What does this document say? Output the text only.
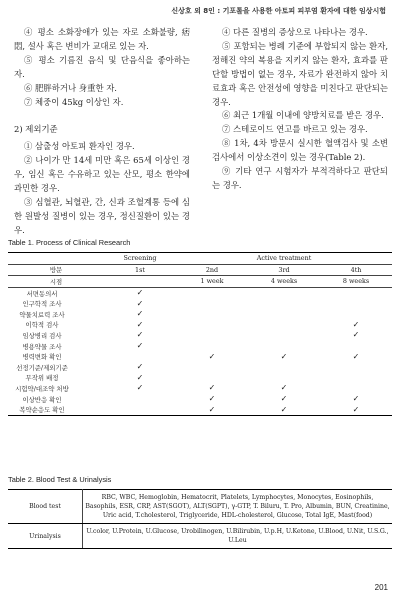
신상호 외 8인 : 기포톨을 사용한 아토피 피부염 환자에 대한 임상시험

④ 평소 소화장애가 있는 자로 소화불량, 痞悶, 설사 혹은 변비가 교대로 있는 자.

⑤ 평소 기름진 음식 및 단음식을 좋아하는 자.

⑥ 肥胖하거나 身重한 자.

⑦ 체중이 45kg 이상인 자.

2) 제외기준

① 삼출성 아토피 환자인 경우.

② 나이가 만 14세 미만 혹은 65세 이상인 경우, 임신 혹은 수유하고 있는 산모, 평소 한약에 과민한 경우.

③ 심혈관, 뇌혈관, 간, 신과 조혈계통 등에 심한 원발성 질병이 있는 경우, 정신질환이 있는 경우.

④ 다른 질병의 증상으로 나타나는 경우.

⑤ 포함되는 병례 기준에 부합되지 않는 환자, 정해진 약의 복용을 지키지 않는 환자, 효과를 판단할 방법이 없는 경우, 자료가 완전하지 않아 치료효과 혹은 안전성에 영향을 미친다고 판단되는 경우.

⑥ 최근 1개월 이내에 양방치료를 받은 경우.

⑦ 스테로이드 연고를 바르고 있는 경우.

⑧ 1차, 4차 방문시 실시한 혈액검사 및 소변검사에서 이상소견이 있는 경우(Table 2).

⑨ 기타 연구 시험자가 부적격하다고 판단되는 경우.

Table 1. Process of Clinical Research
	Screening	Active treatment		
방문	1st	2nd	3rd	4th
시점		1 week	4 weeks	8 weeks
서면동의서	✓			
인구학적 조사	✓			
약물치료력 조사	✓			
이학적 검사	✓			✓
임상병리 검사	✓			✓
병용약물 조사	✓			
병력변화 확인		✓	✓	✓
선정기준/제외기준	✓			
무작위 배정	✓			
시험약/대조약 처방	✓	✓	✓	
이상반응 확인		✓	✓	✓
복약순응도 확인		✓	✓	✓
Table 2. Blood Test & Urinalysis
Blood test	RBC, WBC, Hemoglobin, Hematocrit, Platelets, Lymphocytes, Monocytes, Eosinophils, Basophils, ESR, CRP, AST(SGOT), ALT(SGPT), γ-GTP, T. Biluru, T. Pro, Albumin, BUN, Creatinine, Uric acid, T.cholesterol, Triglyceride, HDL-cholesterol, Glucose, Total IgE, Mast(food)
Urinalysis	U.color, U.Protein, U.Glucose, Urobilinogen, U.Bilirubin, U.p.H, U.Ketone, U.Blood, U.Nit, U.S.G., U.Leu
201
